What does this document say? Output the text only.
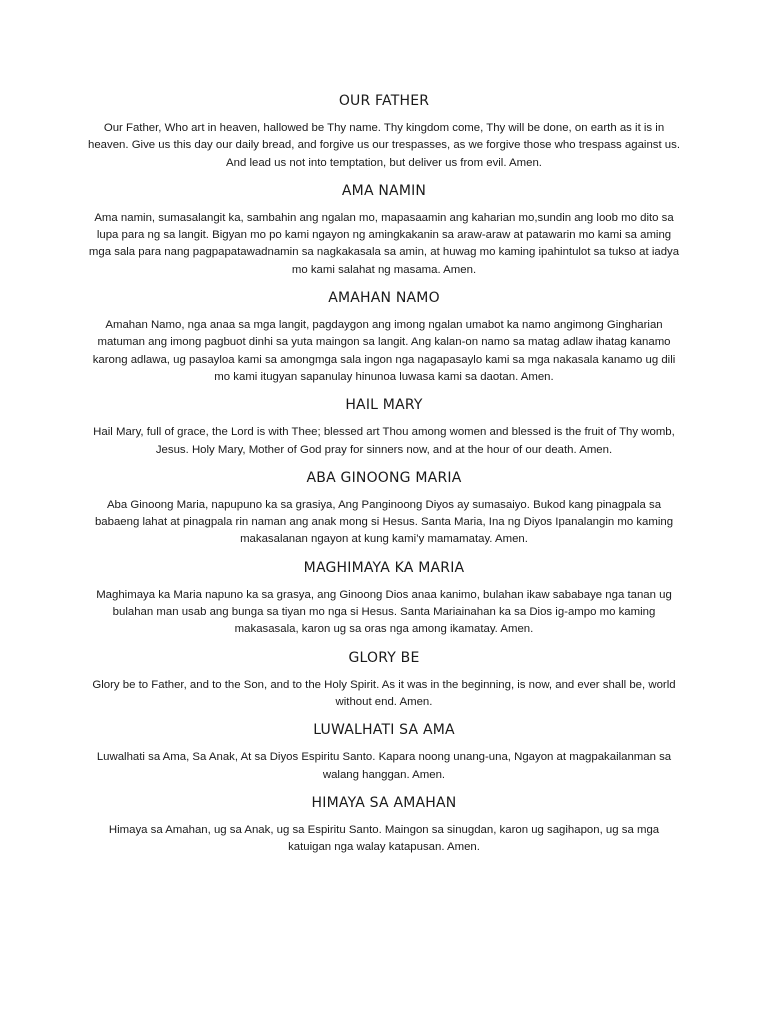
OUR FATHER

Our Father, Who art in heaven, hallowed be Thy name. Thy kingdom come, Thy will be done, on earth as it is in heaven. Give us this day our daily bread, and forgive us our trespasses, as we forgive those who trespass against us. And lead us not into temptation, but deliver us from evil. Amen.

AMA NAMIN

Ama namin, sumasalangit ka, sambahin ang ngalan mo, mapasaamin ang kaharian mo,sundin ang loob mo dito sa lupa para ng sa langit. Bigyan mo po kami ngayon ng amingkakanin sa araw-araw at patawarin mo kami sa aming mga sala para nang pagpapatawadnamin sa nagkakasala sa amin, at huwag mo kaming ipahintulot sa tukso at iadya mo kami salahat ng masama. Amen.

AMAHAN NAMO

Amahan Namo, nga anaa sa mga langit, pagdaygon ang imong ngalan umabot ka namo angimong Gingharian matuman ang imong pagbuot dinhi sa yuta maingon sa langit. Ang kalan-on namo sa matag adlaw ihatag kanamo karong adlawa, ug pasayloa kami sa amongmga sala ingon nga nagapasaylo kami sa mga nakasala kanamo ug dili mo kami itugyan sapanulay hinunoa luwasa kami sa daotan. Amen.

HAIL MARY

Hail Mary, full of grace, the Lord is with Thee; blessed art Thou among women and blessed is the fruit of Thy womb, Jesus. Holy Mary, Mother of God pray for sinners now, and at the hour of our death. Amen.

ABA GINOONG MARIA

Aba Ginoong Maria, napupuno ka sa grasiya, Ang Panginoong Diyos ay sumasaiyo. Bukod kang pinagpala sa babaeng lahat at pinagpala rin naman ang anak mong si Hesus. Santa Maria, Ina ng Diyos Ipanalangin mo kaming makasalanan ngayon at kung kami’y mamamatay. Amen.

MAGHIMAYA KA MARIA

Maghimaya ka Maria napuno ka sa grasya, ang Ginoong Dios anaa kanimo, bulahan ikaw sababaye nga tanan ug bulahan man usab ang bunga sa tiyan mo nga si Hesus. Santa Mariainahan ka sa Dios ig-ampo mo kaming makasasala, karon ug sa oras nga among ikamatay. Amen.

GLORY BE

Glory be to Father, and to the Son, and to the Holy Spirit. As it was in the beginning, is now, and ever shall be, world without end. Amen.

LUWALHATI SA AMA

Luwalhati sa Ama, Sa Anak, At sa Diyos Espiritu Santo. Kapara noong unang-una, Ngayon at magpakailanman sa walang hanggan. Amen.

HIMAYA SA AMAHAN

Himaya sa Amahan, ug sa Anak, ug sa Espiritu Santo. Maingon sa sinugdan, karon ug sagihapon, ug sa mga katuigan nga walay katapusan. Amen.
